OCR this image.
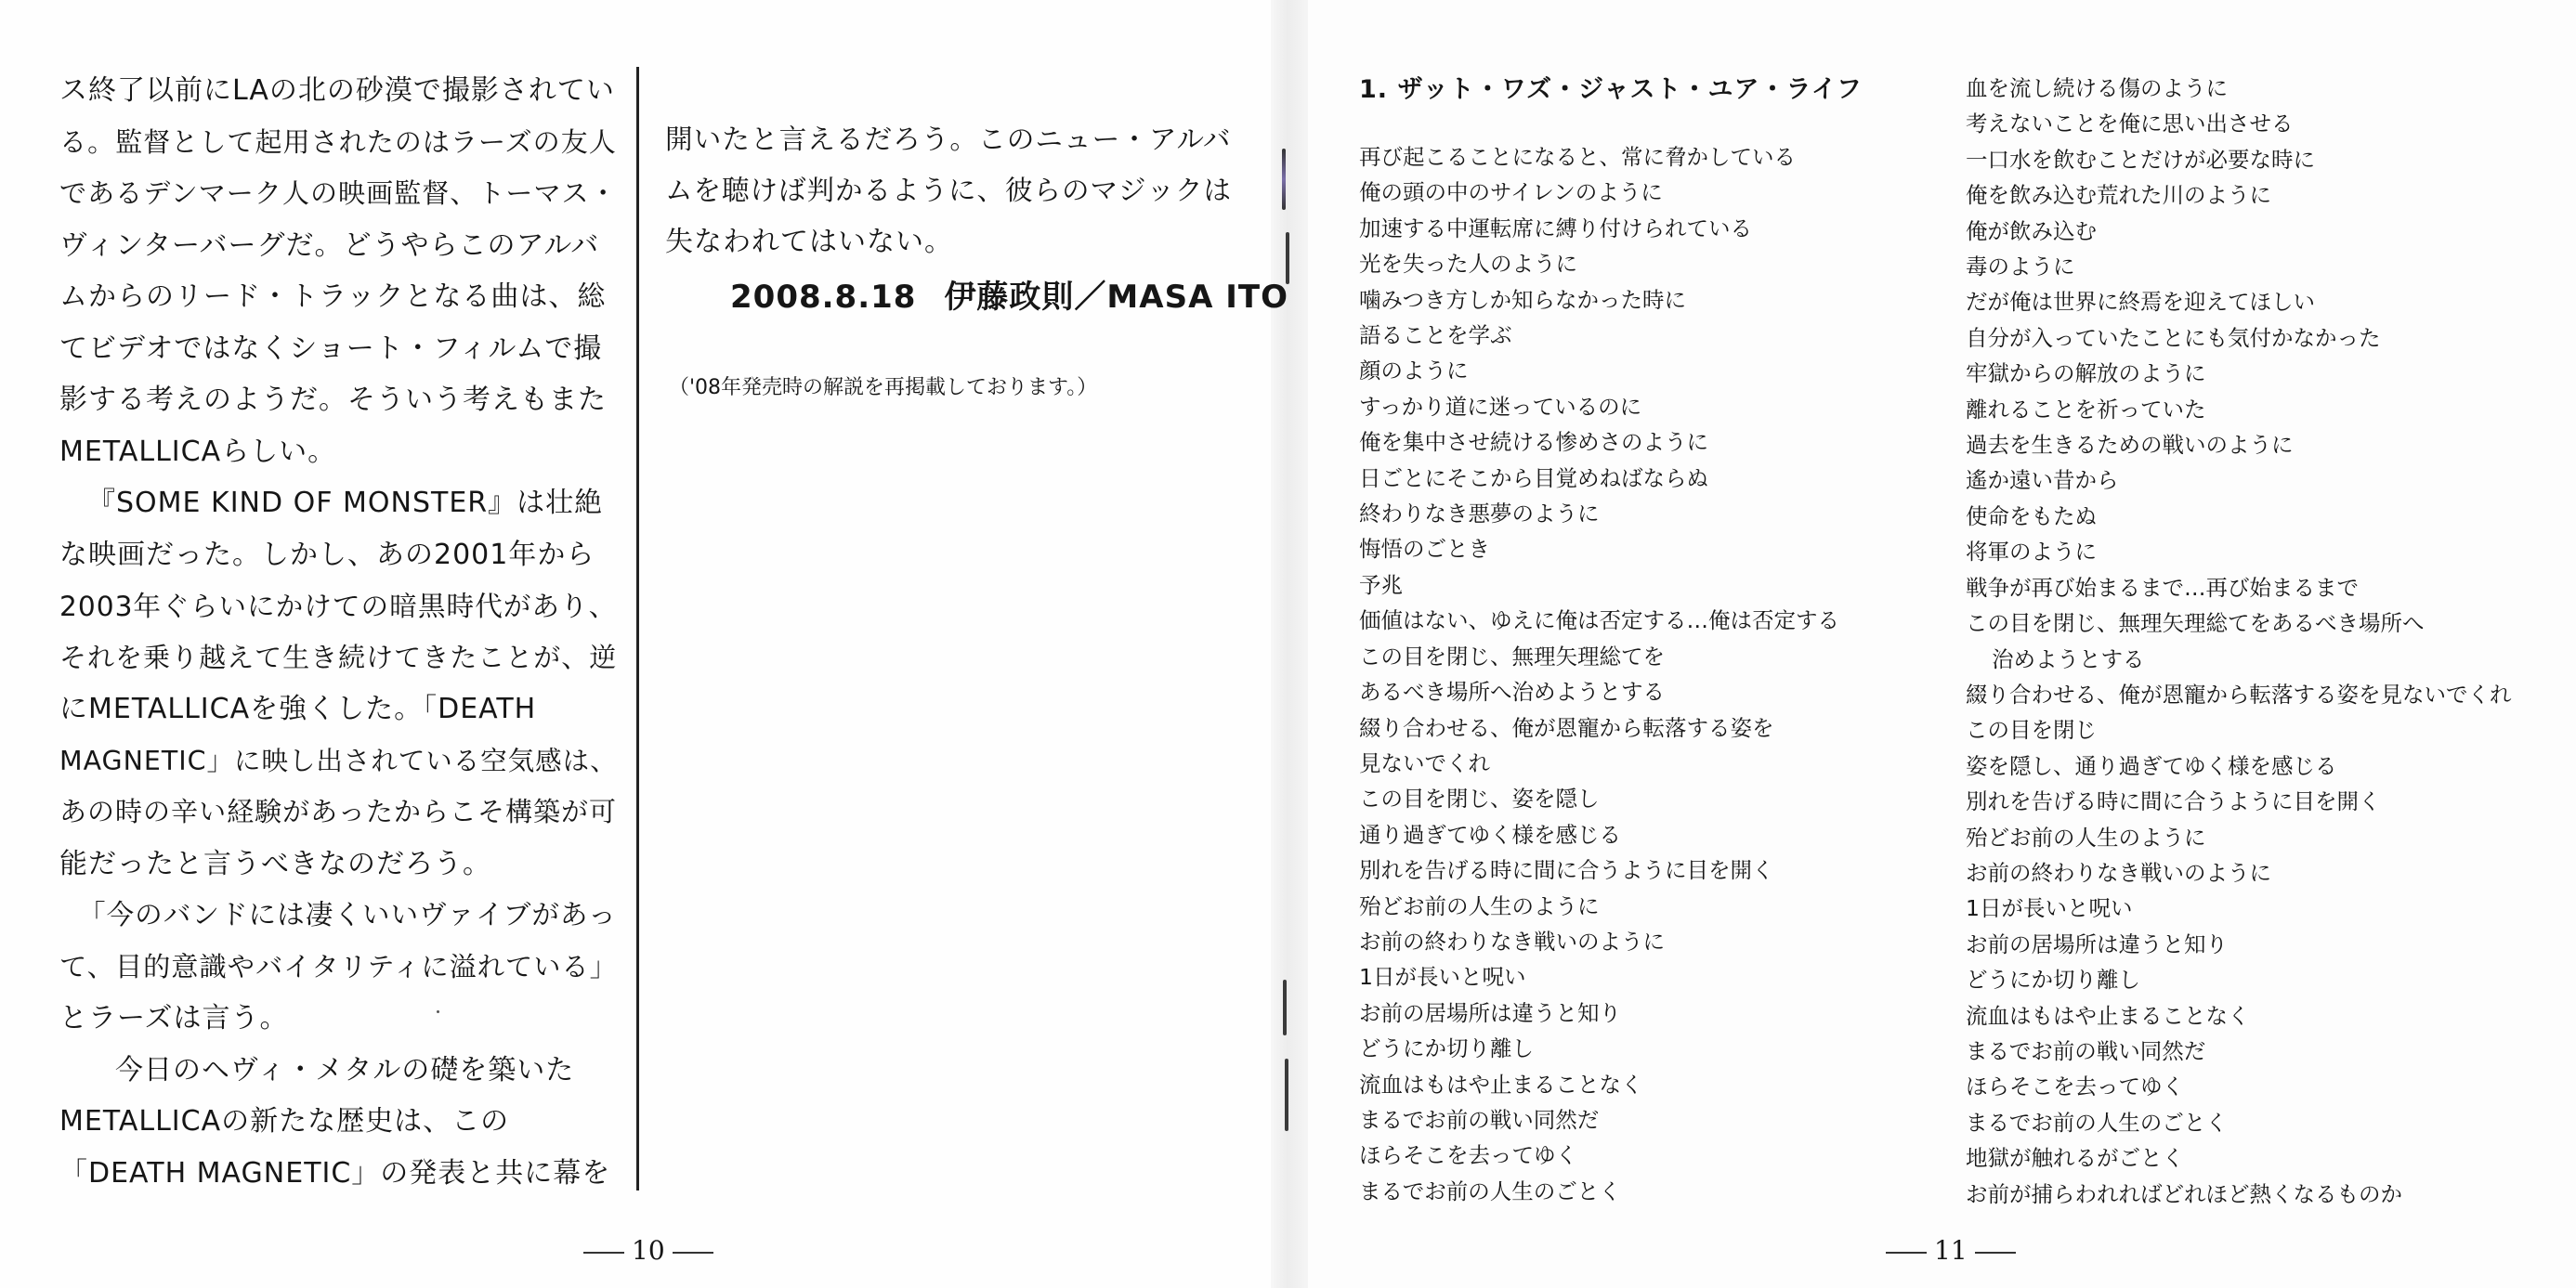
ス終了以前にLAの北の砂漠で撮影されてい

る。監督として起用されたのはラーズの友人

であるデンマーク人の映画監督、トーマス・

ヴィンターバーグだ。どうやらこのアルバ

ムからのリード・トラックとなる曲は、総

てビデオではなくショート・フィルムで撮

影する考えのようだ。そういう考えもまた

METALLICAらしい。

『SOME KIND OF MONSTER』は壮絶

な映画だった。しかし、あの2001年から

2003年ぐらいにかけての暗黒時代があり、

それを乗り越えて生き続けてきたことが、逆

にMETALLICAを強くした。「DEATH

MAGNETIC」に映し出されている空気感は、

あの時の辛い経験があったからこそ構築が可

能だったと言うべきなのだろう。

「今のバンドには凄くいいヴァイブがあっ

て、目的意識やバイタリティに溢れている」

とラーズは言う。

今日のヘヴィ・メタルの礎を築いた

METALLICAの新たな歴史は、この

「DEATH MAGNETIC」の発表と共に幕を

開いたと言えるだろう。このニュー・アルバ

ムを聴けば判かるように、彼らのマジックは

失なわれてはいない。

2008.8.18 伊藤政則／MASA ITO
（'08年発売時の解説を再掲載しております。）
10
1. ザット・ワズ・ジャスト・ユア・ライフ
再び起こることになると、常に脅かしている
俺の頭の中のサイレンのように
加速する中運転席に縛り付けられている
光を失った人のように
噛みつき方しか知らなかった時に
語ることを学ぶ
顔のように
すっかり道に迷っているのに
俺を集中させ続ける惨めさのように
日ごとにそこから目覚めねばならぬ
終わりなき悪夢のように
悔悟のごとき
予兆
価値はない、ゆえに俺は否定する…俺は否定する
この目を閉じ、無理矢理総てを
あるべき場所へ治めようとする
綴り合わせる、俺が恩寵から転落する姿を
見ないでくれ
この目を閉じ、姿を隠し
通り過ぎてゆく様を感じる
別れを告げる時に間に合うように目を開く
殆どお前の人生のように
お前の終わりなき戦いのように
1日が長いと呪い
お前の居場所は違うと知り
どうにか切り離し
流血はもはや止まることなく
まるでお前の戦い同然だ
ほらそこを去ってゆく
まるでお前の人生のごとく
血を流し続ける傷のように
考えないことを俺に思い出させる
一口水を飲むことだけが必要な時に
俺を飲み込む荒れた川のように
俺が飲み込む
毒のように
だが俺は世界に終焉を迎えてほしい
自分が入っていたことにも気付かなかった
牢獄からの解放のように
離れることを祈っていた
過去を生きるための戦いのように
遙か遠い昔から
使命をもたぬ
将軍のように
戦争が再び始まるまで…再び始まるまで
この目を閉じ、無理矢理総てをあるべき場所へ
治めようとする
綴り合わせる、俺が恩寵から転落する姿を見ないでくれ
この目を閉じ
姿を隠し、通り過ぎてゆく様を感じる
別れを告げる時に間に合うように目を開く
殆どお前の人生のように
お前の終わりなき戦いのように
1日が長いと呪い
お前の居場所は違うと知り
どうにか切り離し
流血はもはや止まることなく
まるでお前の戦い同然だ
ほらそこを去ってゆく
まるでお前の人生のごとく
地獄が触れるがごとく
お前が捕らわれればどれほど熱くなるものか
11
